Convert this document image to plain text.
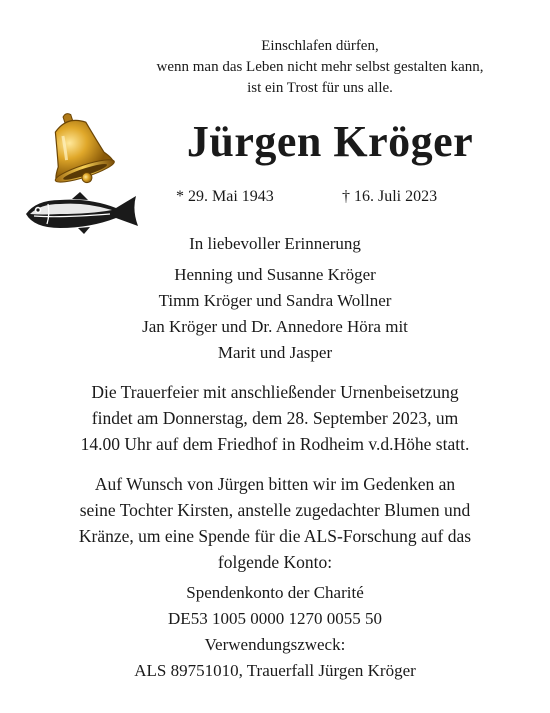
Einschlafen dürfen,
wenn man das Leben nicht mehr selbst gestalten kann,
ist ein Trost für uns alle.
Jürgen Kröger
* 29. Mai 1943	† 16. Juli 2023
In liebevoller Erinnerung
Henning und Susanne Kröger
Timm Kröger und Sandra Wollner
Jan Kröger und Dr. Annedore Höra mit
Marit und Jasper
Die Trauerfeier mit anschließender Urnenbeisetzung
findet am Donnerstag, dem 28. September 2023, um
14.00 Uhr auf dem Friedhof in Rodheim v.d.Höhe statt.
Auf Wunsch von Jürgen bitten wir im Gedenken an
seine Tochter Kirsten, anstelle zugedachter Blumen und
Kränze, um eine Spende für die ALS-Forschung auf das
folgende Konto:
Spendenkonto der Charité
DE53 1005 0000 1270 0055 50
Verwendungszweck:
ALS 89751010, Trauerfall Jürgen Kröger
